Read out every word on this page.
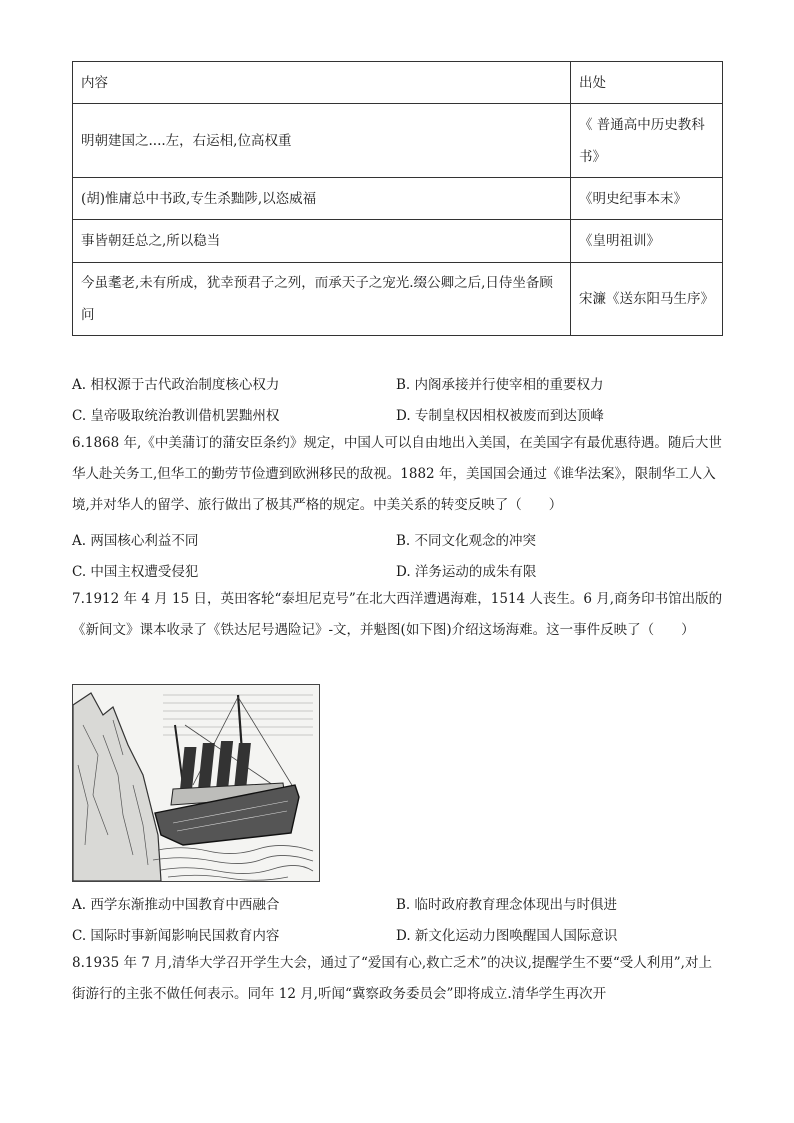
内容	出处
明朝建国之....左，右运相,位高权重	《 普通高中历史教科书》
(胡)惟庸总中书政,专生杀黜陟,以恣威福	《明史纪事本末》
事皆朝廷总之,所以稳当	《皇明祖训》
今虽耄老,未有所成，犹幸预君子之列，而承天子之宠光.缀公卿之后,日侍坐备顾问	宋濂《送东阳马生序》
A. 相权源于古代政治制度核心权力	B. 内阁承接并行使宰相的重要权力
C. 皇帝吸取统治教训借机罢黜州权	D. 专制皇权因相权被废而到达顶峰
6.1868 年,《中美蒲订的蒲安臣条约》规定，中国人可以自由地出入美国，在美国字有最优惠待遇。随后大世华人赴关务工,但华工的勤劳节俭遭到欧洲移民的敌视。1882 年，美国国会通过《谁华法案》，限制华工人入境,并对华人的留学、旅行做出了极其严格的规定。中美关系的转变反映了（　　）
A. 两国核心利益不同	B. 不同文化观念的冲突
C. 中国主权遭受侵犯	D. 洋务运动的成朱有限
7.1912 年 4 月 15 日，英田客轮“泰坦尼克号”在北大西洋遭遇海难，1514 人丧生。6 月,商务印书馆出版的《新间文》课本收录了《铁达尼号遇险记》-文，并魁图(如下图)介绍这场海难。这一事件反映了（　　）
A. 西学东渐推动中国教育中西融合	B. 临时政府教育理念体现出与时俱进
C. 国际时事新闻影响民国救育内容	D. 新文化运动力图唤醒国人国际意识
8.1935 年 7 月,清华大学召开学生大会，通过了“爱国有心,救亡乏术”的决议,提醒学生不要“受人利用”,对上街游行的主张不做任何表示。同年 12 月,听闻“冀察政务委员会”即将成立.清华学生再次开
